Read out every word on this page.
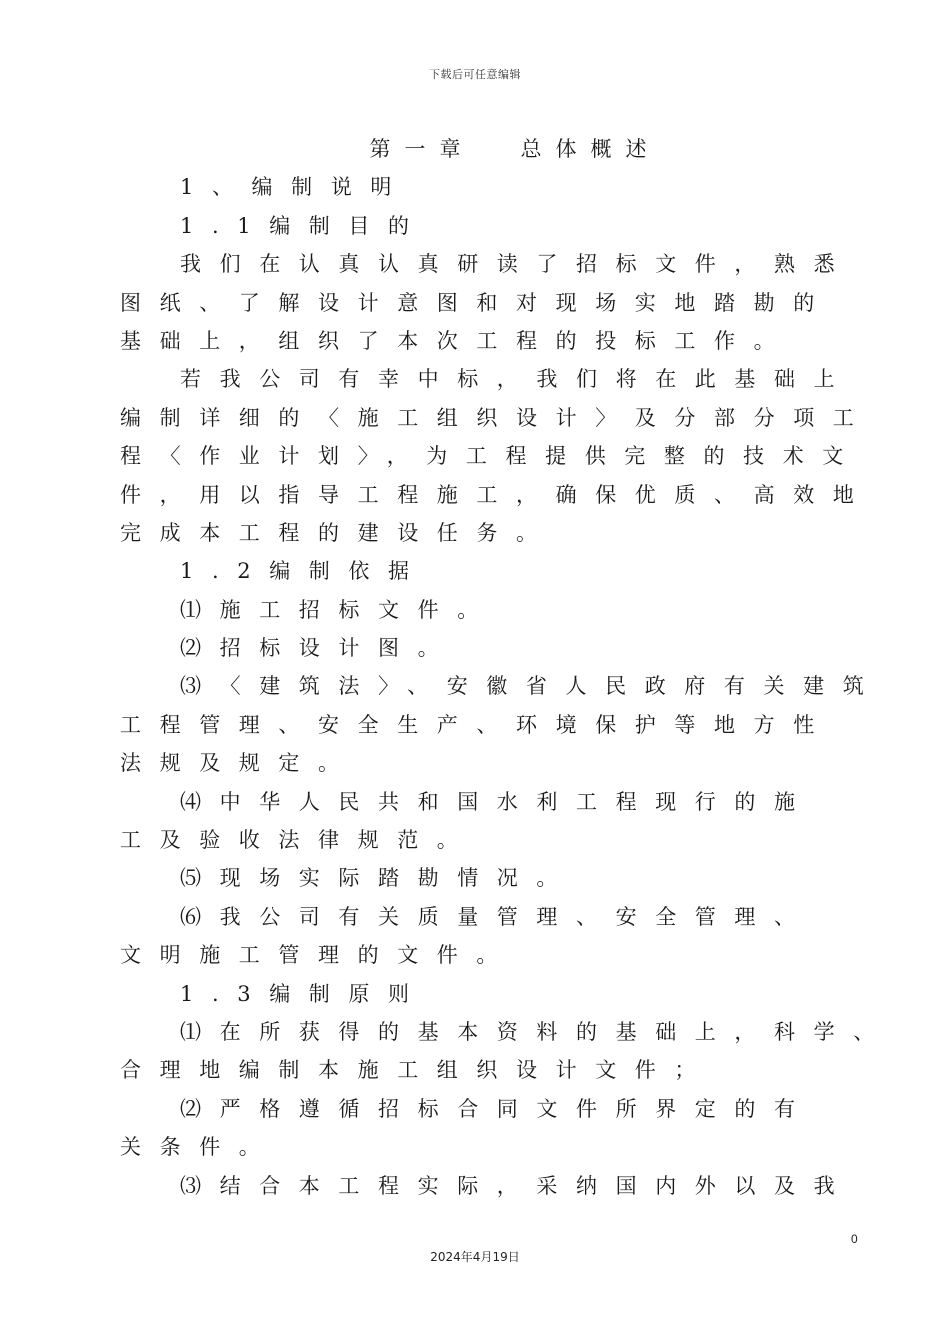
下载后可任意编辑
第一章 总体概述
1、编制说明
1.1编制目的
我们在认真认真研读了招标文件，熟悉
图纸、了解设计意图和对现场实地踏勘的
基础上，组织了本次工程的投标工作。
若我公司有幸中标，我们将在此基础上
编制详细的〈施工组织设计〉及分部分项工
程〈作业计划〉，为工程提供完整的技术文
件，用以指导工程施工，确保优质、高效地
完成本工程的建设任务。
1.2编制依据
⑴施工招标文件。
⑵招标设计图。
⑶〈建筑法〉、安徽省人民政府有关建筑
工程管理、安全生产、环境保护等地方性
法规及规定。
⑷中华人民共和国水利工程现行的施
工及验收法律规范。
⑸现场实际踏勘情况。
⑹我公司有关质量管理、安全管理、
文明施工管理的文件。
1.3编制原则
⑴在所获得的基本资料的基础上，科学、
合理地编制本施工组织设计文件；
⑵严格遵循招标合同文件所界定的有
关条件。
⑶结合本工程实际，采纳国内外以及我
0
2024年4月19日
